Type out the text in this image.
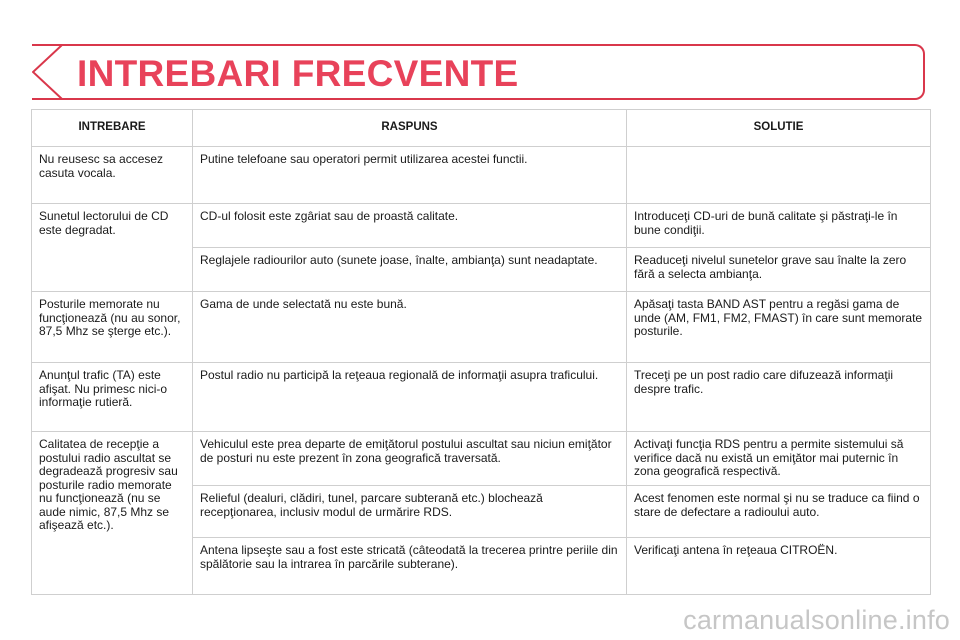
INTREBARI FRECVENTE
INTREBARE	RASPUNS	SOLUTIE
Nu reusesc sa accesez casuta vocala.	Putine telefoane sau operatori permit utilizarea acestei functii.	
Sunetul lectorului de CD este degradat.	CD-ul folosit este zgâriat sau de proastă calitate.	Introduceţi CD-uri de bună calitate şi păstraţi-le în bune condiţii.
	Reglajele radiourilor auto (sunete joase, înalte, ambianţa) sunt neadaptate.	Readuceţi nivelul sunetelor grave sau înalte la zero fără a selecta ambianţa.
Posturile memorate nu funcţionează (nu au sonor, 87,5 Mhz se şterge etc.).	Gama de unde selectată nu este bună.	Apăsaţi tasta BAND AST pentru a regăsi gama de unde (AM, FM1, FM2, FMAST) în care sunt memorate posturile.
Anunţul trafic (TA) este afişat. Nu primesc nici-o informaţie rutieră.	Postul radio nu participă la reţeaua regională de informaţii asupra traficului.	Treceţi pe un post radio care difuzează informaţii despre trafic.
Calitatea de recepţie a postului radio ascultat se degradează progresiv sau posturile radio memorate nu funcţionează (nu se aude nimic, 87,5 Mhz se afişează etc.).	Vehiculul este prea departe de emiţătorul postului ascultat sau niciun emiţător de posturi nu este prezent în zona geografică traversată.	Activaţi funcţia RDS pentru a permite sistemului să verifice dacă nu există un emiţător mai puternic în zona geografică respectivă.
	Relieful (dealuri, clădiri, tunel, parcare subterană etc.) blochează recepţionarea, inclusiv modul de urmărire RDS.	Acest fenomen este normal şi nu se traduce ca fiind o stare de defectare a radioului auto.
	Antena lipseşte sau a fost este stricată (câteodată la trecerea printre periile din spălătorie sau la intrarea în parcările subterane).	Verificaţi antena în reţeaua CITROËN.
carmanualsonline.info
